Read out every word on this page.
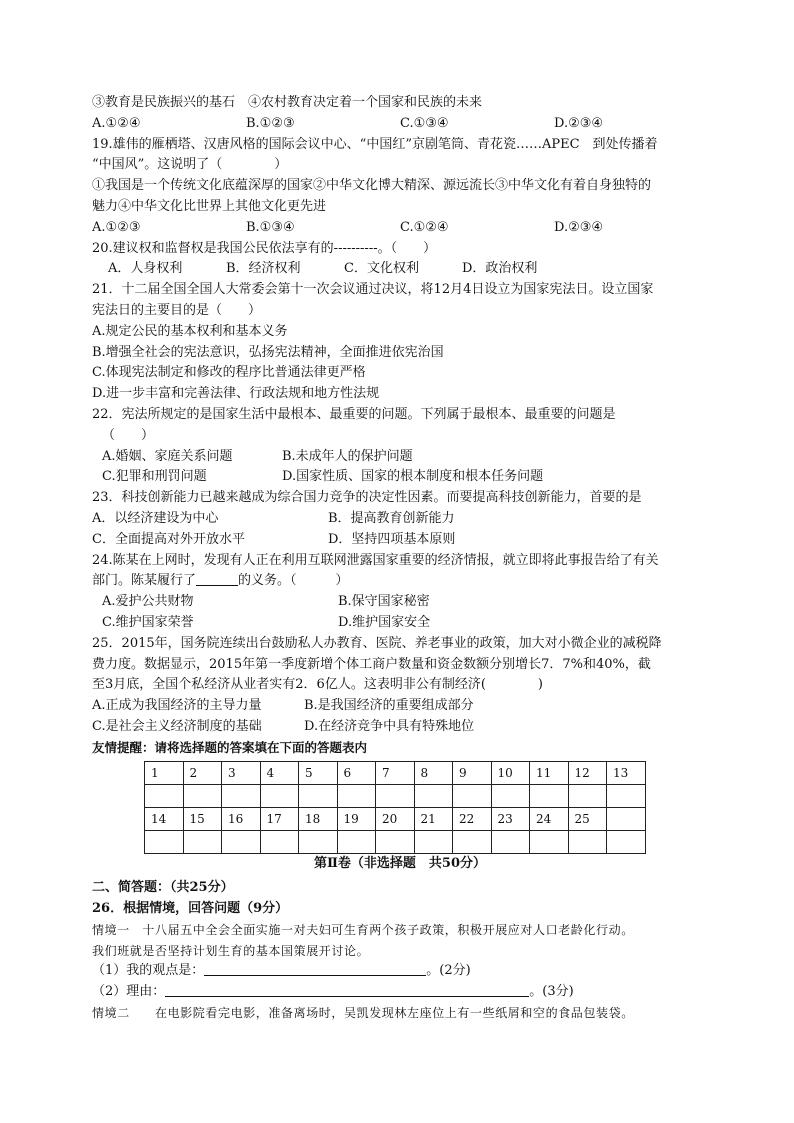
③教育是民族振兴的基石　④农村教育决定着一个国家和民族的未来
A.①②④	B.①②③	C.①③④	D.②③④
19.雄伟的雁栖塔、汉唐风格的国际会议中心、“中国红”京剧笔筒、青花瓷……APEC　到处传播着
“中国风”。这说明了（　　　　）
①我国是一个传统文化底蕴深厚的国家②中华文化博大精深、源远流长③中华文化有着自身独特的
魅力④中华文化比世界上其他文化更先进
A.①②③	B.①③④	C.①②④	D.②③④
20.建议权和监督权是我国公民依法享有的----------。（　　）
A．人身权利	B．经济权利	C．文化权利	D．政治权利
21．十二届全国全国人大常委会第十一次会议通过决议，将12月4日设立为国家宪法日。设立国家
宪法日的主要目的是（　　）
A.规定公民的基本权利和基本义务
B.增强全社会的宪法意识，弘扬宪法精神，全面推进依宪治国
C.体现宪法制定和修改的程序比普通法律更严格
D.进一步丰富和完善法律、行政法规和地方性法规
22．宪法所规定的是国家生活中最根本、最重要的问题。下列属于最根本、最重要的问题是
（　　）
A.婚姻、家庭关系问题	B.未成年人的保护问题
C.犯罪和刑罚问题	D.国家性质、国家的根本制度和根本任务问题
23．科技创新能力已越来越成为综合国力竞争的决定性因素。而要提高科技创新能力，首要的是
A．以经济建设为中心	B．提高教育创新能力
C．全面提高对外开放水平	D．坚持四项基本原则
24.陈某在上网时，发现有人正在利用互联网泄露国家重要的经济情报，就立即将此事报告给了有关
部门。陈某履行了	的义务。（　　　）
A.爱护公共财物	B.保守国家秘密
C.维护国家荣誉	D.维护国家安全
25．2015年，国务院连续出台鼓励私人办教育、医院、养老事业的政策，加大对小微企业的减税降
费力度。数据显示，2015年第一季度新增个体工商户数量和资金数额分别增长7．7%和40%，截
至3月底，全国个私经济从业者实有2．6亿人。这表明非公有制经济(　　　　)
A.正成为我国经济的主导力量	B.是我国经济的重要组成部分
C.是社会主义经济制度的基础	D.在经济竞争中具有特殊地位
友情提醒：请将选择题的答案填在下面的答题表内
1	2	3	4	5	6	7	8	9	10	11	12	13

14	15	16	17	18	19	20	21	22	23	24	25	

第Ⅱ卷（非选择题　共50分）
二、简答题：（共25分）
26．根据情境，回答问题（9分）
情境一　十八届五中全会全面实施一对夫妇可生育两个孩子政策，积极开展应对人口老龄化行动。
我们班就是否坚持计划生育的基本国策展开讨论。
（1）我的观点是：	。(2分)
（2）理由：	。(3分)
情境二　　在电影院看完电影，准备离场时，吴凯发现林左座位上有一些纸屑和空的食品包装袋。
